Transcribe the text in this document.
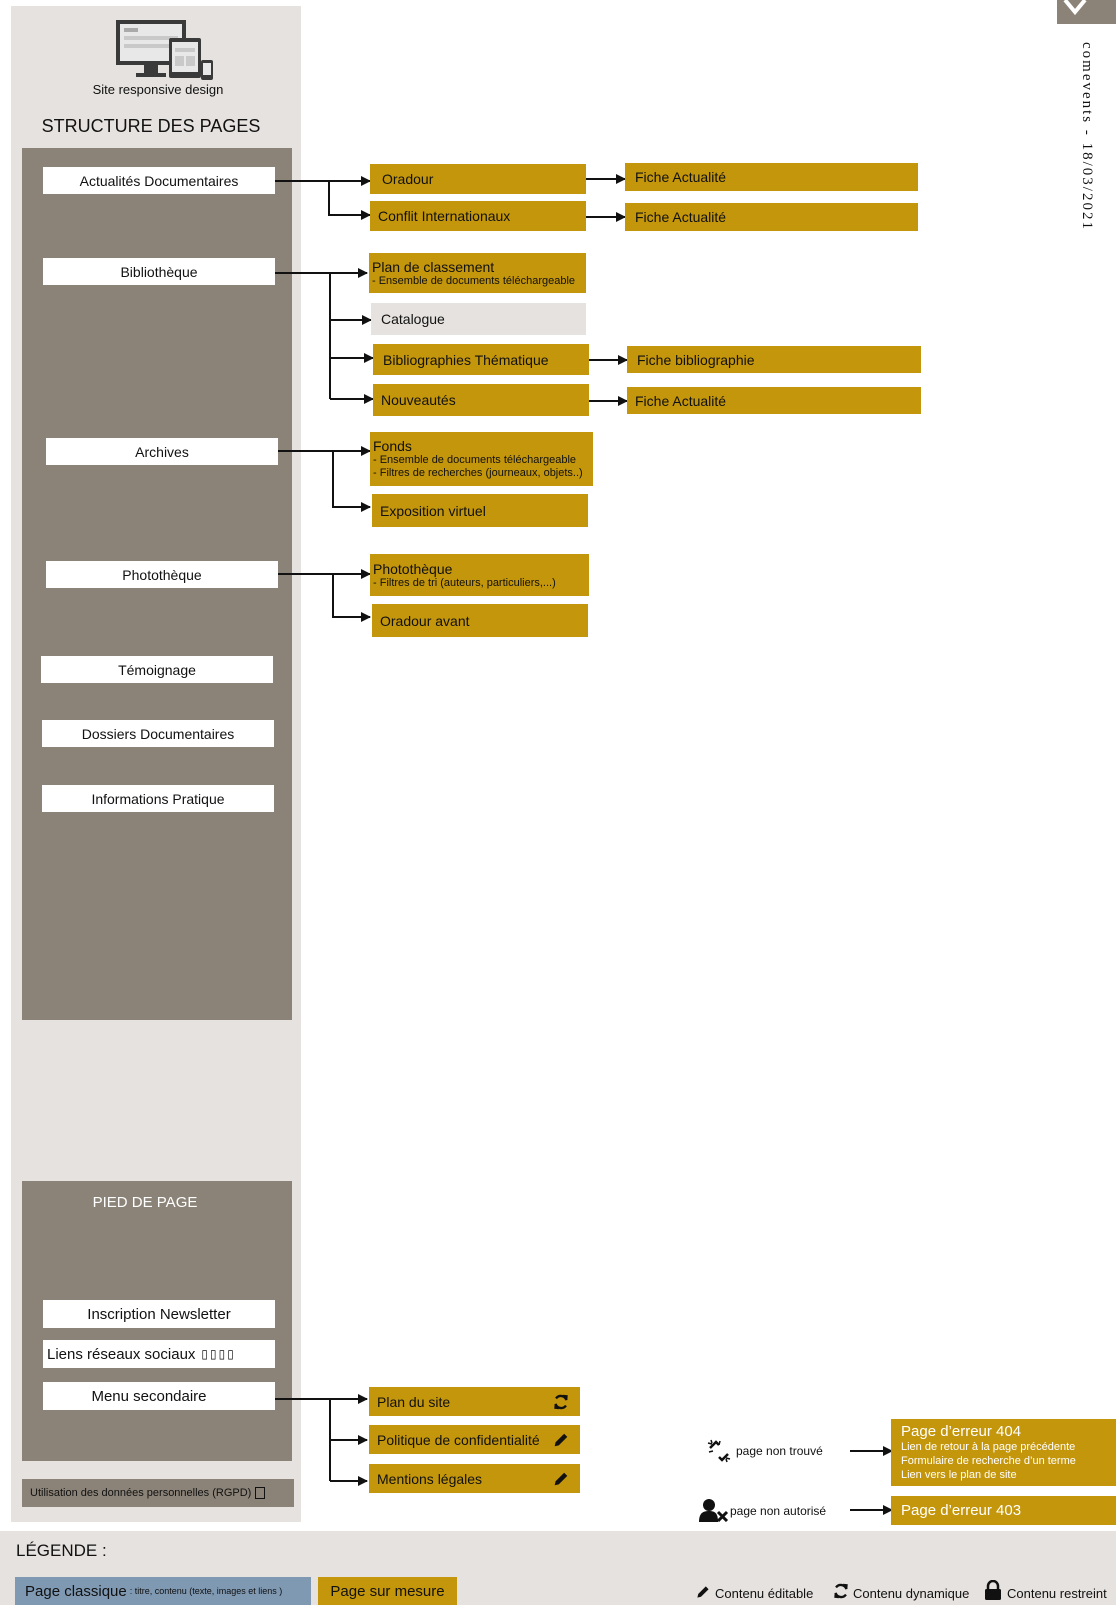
Site responsive design
STRUCTURE DES PAGES
Actualités Documentaires
Bibliothèque
Archives
Photothèque
Témoignage
Dossiers Documentaires
Informations Pratique
PIED DE PAGE
Inscription Newsletter
Liens réseaux sociaux ▯▯▯▯
Menu secondaire
Utilisation des données personnelles (RGPD)
Oradour
Conflit Internationaux
Fiche Actualité
Fiche Actualité
Plan de classement
- Ensemble de documents téléchargeable
Catalogue
Bibliographies Thématique	Fiche bibliographie
Nouveautés	Fiche Actualité
Fonds
- Ensemble de documents téléchargeable
- Filtres de recherches (journeaux, objets..)
Exposition virtuel
Photothèque
- Filtres de tri (auteurs, particuliers,...)
Oradour avant
Plan du site
Politique de confidentialité
Mentions légales
page non trouvé
Page d’erreur 404
Lien de retour à la page précédente
Formulaire de recherche d’un terme
Lien vers le plan de site
page non autorisé	Page d’erreur 403
LÉGENDE :
Page classique : titre, contenu (texte, images et liens )	Page sur mesure	Contenu éditable	Contenu dynamique	Contenu restreint
comevents - 18/03/2021
